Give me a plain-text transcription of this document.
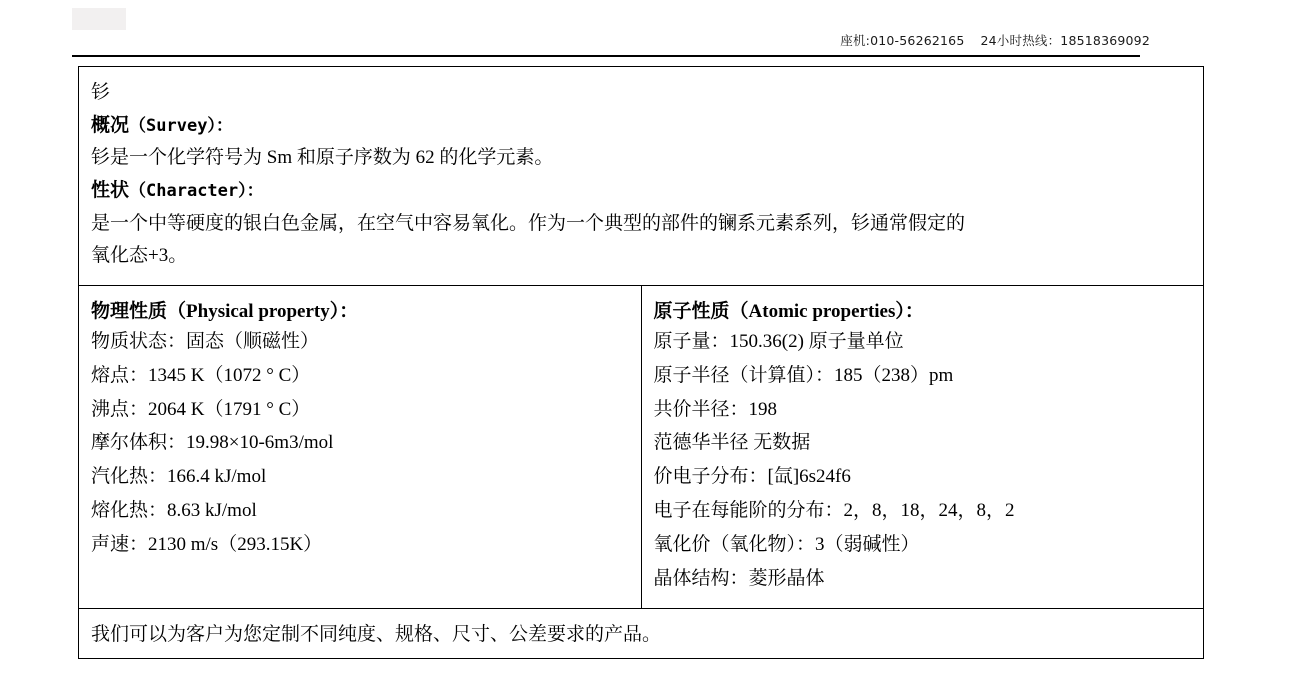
座机:010-56262165 24小时热线：18518369092
钐
概况（Survey）：
钐是一个化学符号为 Sm 和原子序数为 62 的化学元素。
性状（Character）：
是一个中等硬度的银白色金属，在空气中容易氧化。作为一个典型的部件的镧系元素系列，钐通常假定的
氧化态+3。

物理性质（Physical property）：
物质状态：固态（顺磁性）
熔点：1345 K（1072 ° C）
沸点：2064 K（1791 ° C）
摩尔体积：19.98×10-6m3/mol
汽化热：166.4 kJ/mol
熔化热：8.63 kJ/mol
声速：2130 m/s（293.15K）

原子性质（Atomic properties）：
原子量：150.36(2) 原子量单位
原子半径（计算值）：185（238）pm
共价半径：198
范德华半径 无数据
价电子分布：[氙]6s24f6
电子在每能阶的分布：2，8，18，24，8，2
氧化价（氧化物）：3（弱碱性）
晶体结构：菱形晶体

我们可以为客户为您定制不同纯度、规格、尺寸、公差要求的产品。
